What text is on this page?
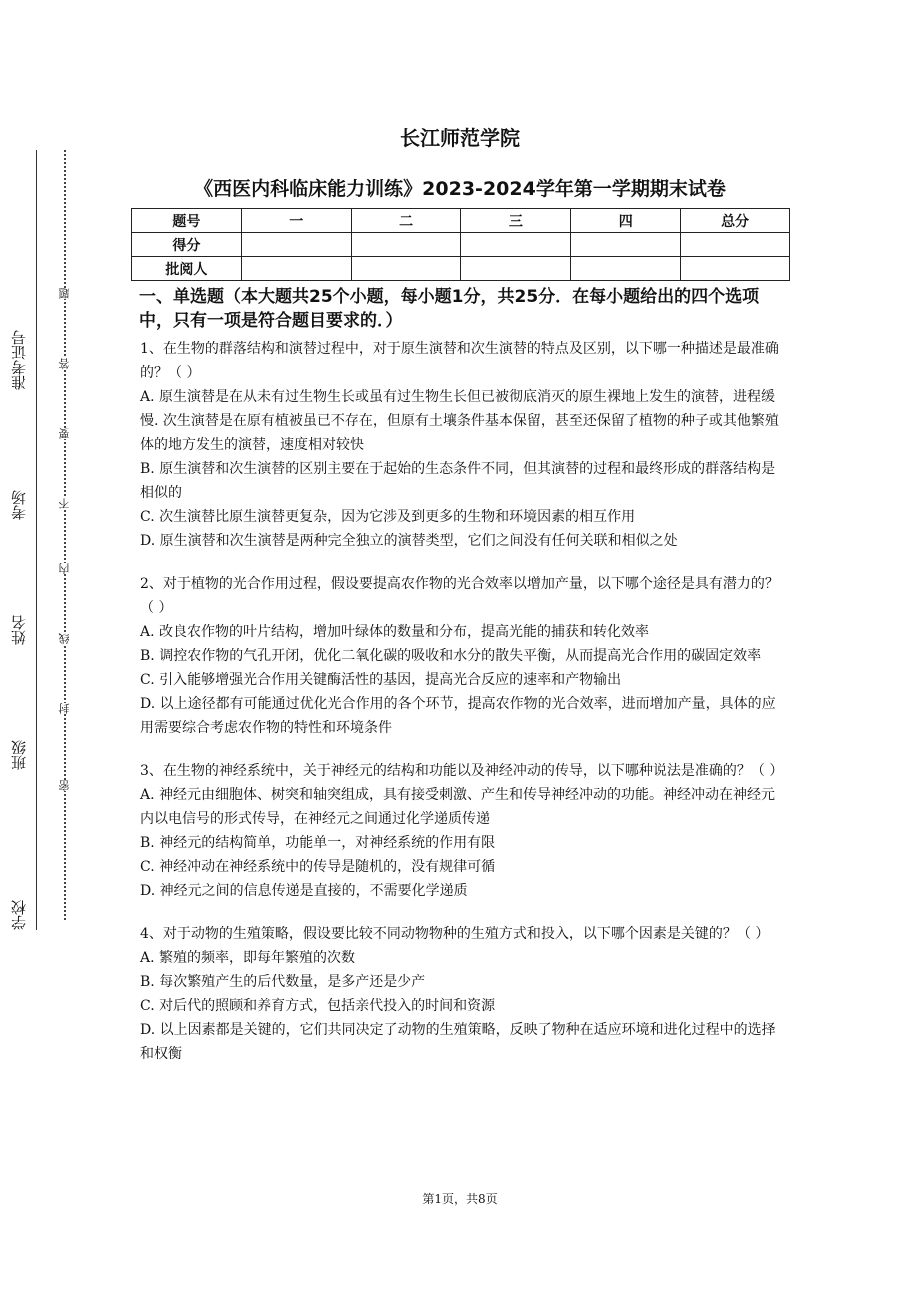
学校
班级
姓名
考场
准考证号
密
封
线
内
不
要
答
题
长江师范学院
《西医内科临床能力训练》2023-2024学年第一学期期末试卷
题号	一	二	三	四	总分
得分					
批阅人					
一、单选题（本大题共25个小题，每小题1分，共25分．在每小题给出的四个选项中，只有一项是符合题目要求的．）
1、在生物的群落结构和演替过程中，对于原生演替和次生演替的特点及区别，以下哪一种描述是最准确的？（ ）
A. 原生演替是在从未有过生物生长或虽有过生物生长但已被彻底消灭的原生裸地上发生的演替，进程缓慢. 次生演替是在原有植被虽已不存在，但原有土壤条件基本保留，甚至还保留了植物的种子或其他繁殖体的地方发生的演替，速度相对较快
B. 原生演替和次生演替的区别主要在于起始的生态条件不同，但其演替的过程和最终形成的群落结构是相似的
C. 次生演替比原生演替更复杂，因为它涉及到更多的生物和环境因素的相互作用
D. 原生演替和次生演替是两种完全独立的演替类型，它们之间没有任何关联和相似之处
2、对于植物的光合作用过程，假设要提高农作物的光合效率以增加产量，以下哪个途径是具有潜力的？（ ）
A. 改良农作物的叶片结构，增加叶绿体的数量和分布，提高光能的捕获和转化效率
B. 调控农作物的气孔开闭，优化二氧化碳的吸收和水分的散失平衡，从而提高光合作用的碳固定效率
C. 引入能够增强光合作用关键酶活性的基因，提高光合反应的速率和产物输出
D. 以上途径都有可能通过优化光合作用的各个环节，提高农作物的光合效率，进而增加产量，具体的应用需要综合考虑农作物的特性和环境条件
3、在生物的神经系统中，关于神经元的结构和功能以及神经冲动的传导，以下哪种说法是准确的？（ ）
A. 神经元由细胞体、树突和轴突组成，具有接受刺激、产生和传导神经冲动的功能。神经冲动在神经元内以电信号的形式传导，在神经元之间通过化学递质传递
B. 神经元的结构简单，功能单一，对神经系统的作用有限
C. 神经冲动在神经系统中的传导是随机的，没有规律可循
D. 神经元之间的信息传递是直接的，不需要化学递质
4、对于动物的生殖策略，假设要比较不同动物物种的生殖方式和投入，以下哪个因素是关键的？（ ）
A. 繁殖的频率，即每年繁殖的次数
B. 每次繁殖产生的后代数量，是多产还是少产
C. 对后代的照顾和养育方式，包括亲代投入的时间和资源
D. 以上因素都是关键的，它们共同决定了动物的生殖策略，反映了物种在适应环境和进化过程中的选择和权衡
第1页，共8页
